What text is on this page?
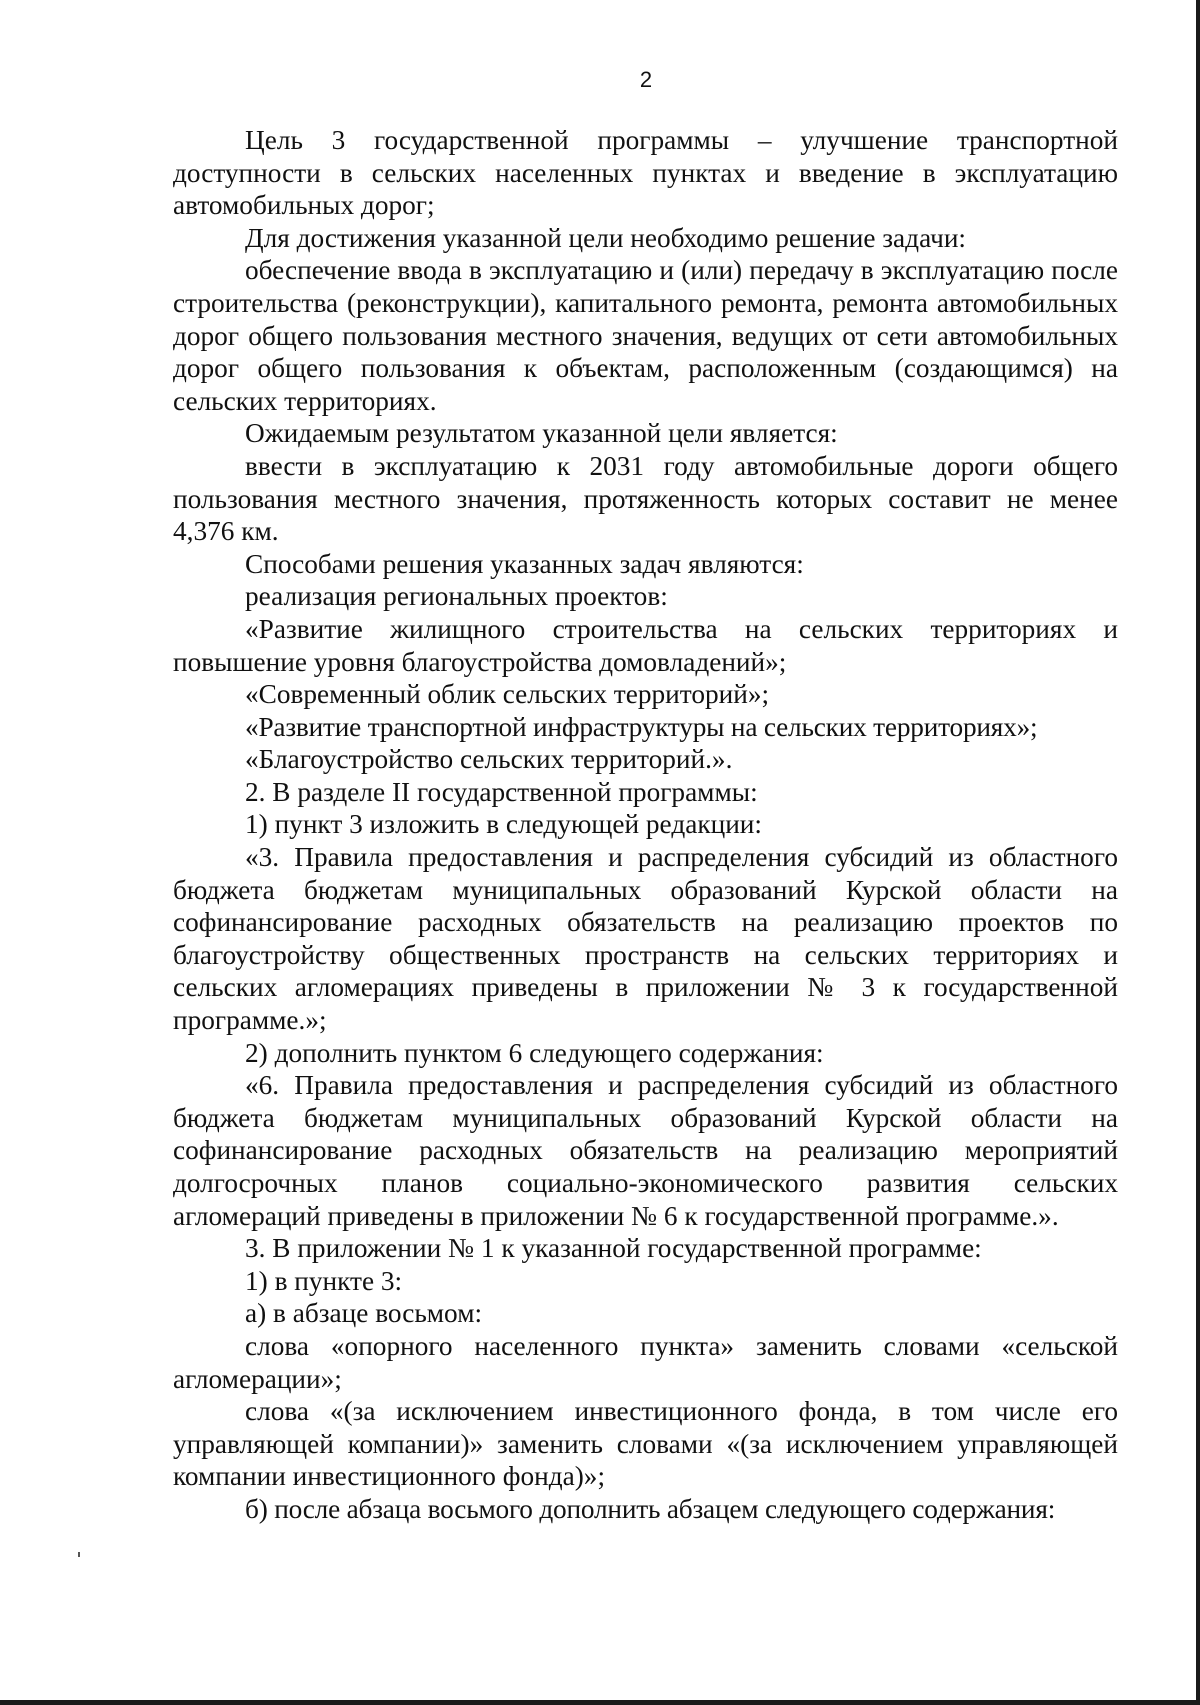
2

Цель 3 государственной программы – улучшение транспортной доступности в сельских населенных пунктах и введение в эксплуатацию автомобильных дорог;

Для достижения указанной цели необходимо решение задачи:

обеспечение ввода в эксплуатацию и (или) передачу в эксплуатацию после строительства (реконструкции), капитального ремонта, ремонта автомобильных дорог общего пользования местного значения, ведущих от сети автомобильных дорог общего пользования к объектам, расположенным (создающимся) на сельских территориях.

Ожидаемым результатом указанной цели является:

ввести в эксплуатацию к 2031 году автомобильные дороги общего пользования местного значения, протяженность которых составит не менее 4,376 км.

Способами решения указанных задач являются:

реализация региональных проектов:

«Развитие жилищного строительства на сельских территориях и повышение уровня благоустройства домовладений»;

«Современный облик сельских территорий»;

«Развитие транспортной инфраструктуры на сельских территориях»;

«Благоустройство сельских территорий.».

2. В разделе II государственной программы:

1) пункт 3 изложить в следующей редакции:

«3. Правила предоставления и распределения субсидий из областного бюджета бюджетам муниципальных образований Курской области на софинансирование расходных обязательств на реализацию проектов по благоустройству общественных пространств на сельских территориях и сельских агломерациях приведены в приложении № 3 к государственной программе.»;

2) дополнить пунктом 6 следующего содержания:

«6. Правила предоставления и распределения субсидий из областного бюджета бюджетам муниципальных образований Курской области на софинансирование расходных обязательств на реализацию мероприятий долгосрочных планов социально-экономического развития сельских агломераций приведены в приложении № 6 к государственной программе.».

3. В приложении № 1 к указанной государственной программе:

1) в пункте 3:

а) в абзаце восьмом:

слова «опорного населенного пункта» заменить словами «сельской агломерации»;

слова «(за исключением инвестиционного фонда, в том числе его управляющей компании)» заменить словами «(за исключением управляющей компании инвестиционного фонда)»;

б) после абзаца восьмого дополнить абзацем следующего содержания:
